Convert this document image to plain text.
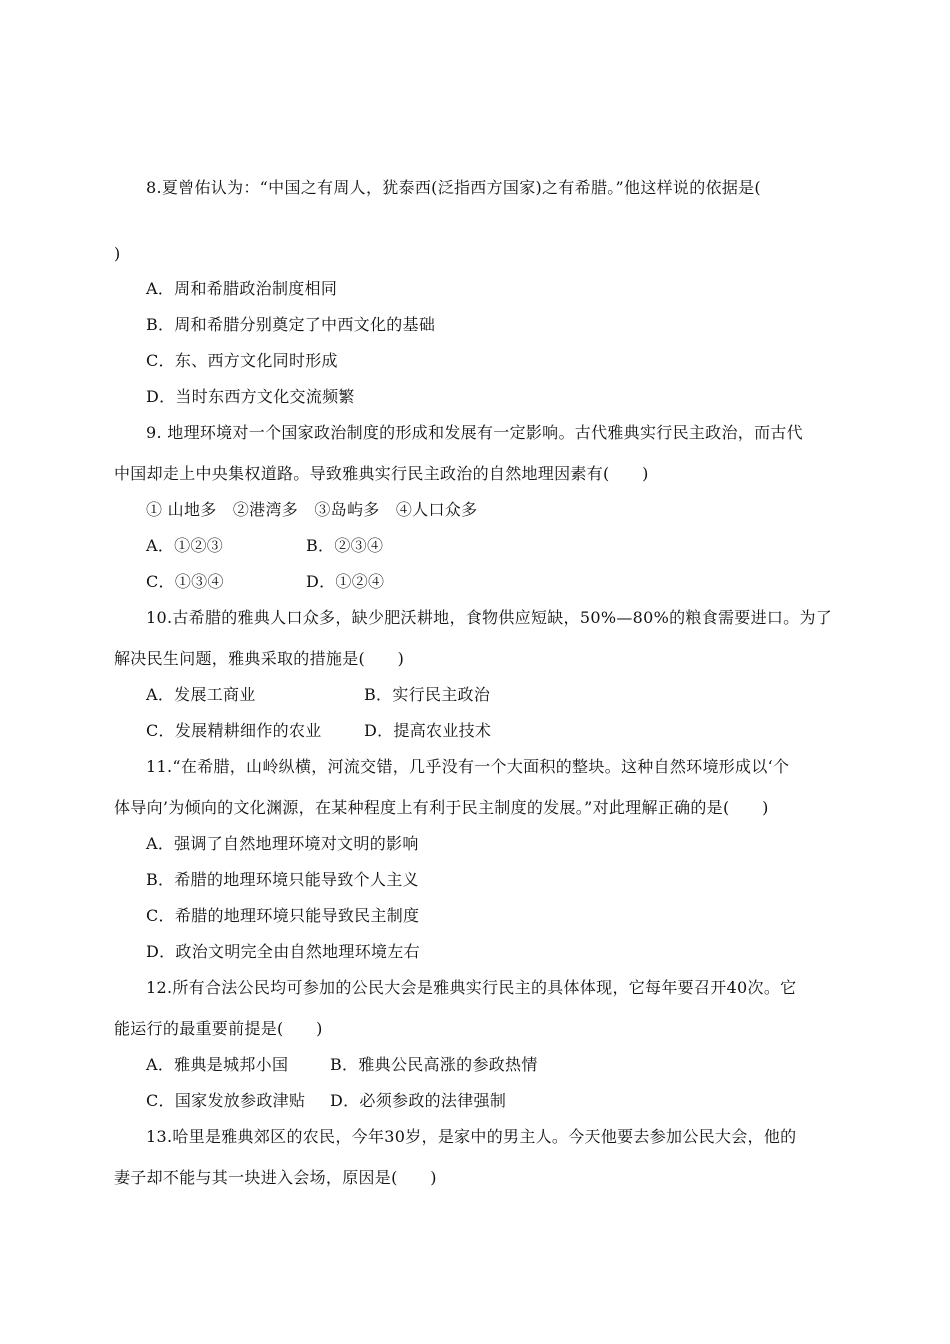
8.夏曾佑认为：“中国之有周人，犹泰西(泛指西方国家)之有希腊。”他这样说的依据是(
)
A．周和希腊政治制度相同
B．周和希腊分别奠定了中西文化的基础
C．东、西方文化同时形成
D．当时东西方文化交流频繁
9. 地理环境对一个国家政治制度的形成和发展有一定影响。古代雅典实行民主政治，而古代
中国却走上中央集权道路。导致雅典实行民主政治的自然地理因素有(　　)
① 山地多　②港湾多　③岛屿多　④人口众多
A．①②③	B．②③④
C．①③④	D．①②④
10.古希腊的雅典人口众多，缺少肥沃耕地，食物供应短缺，50%—80%的粮食需要进口。为了
解决民生问题，雅典采取的措施是(　　)
A．发展工商业	B．实行民主政治
C．发展精耕细作的农业	D．提高农业技术
11.“在希腊，山岭纵横，河流交错，几乎没有一个大面积的整块。这种自然环境形成以‘个
体导向’为倾向的文化渊源，在某种程度上有利于民主制度的发展。”对此理解正确的是(　　)
A．强调了自然地理环境对文明的影响
B．希腊的地理环境只能导致个人主义
C．希腊的地理环境只能导致民主制度
D．政治文明完全由自然地理环境左右
12.所有合法公民均可参加的公民大会是雅典实行民主的具体体现，它每年要召开40次。它
能运行的最重要前提是(　　)
A．雅典是城邦小国	B．雅典公民高涨的参政热情
C．国家发放参政津贴 D．必须参政的法律强制
13.哈里是雅典郊区的农民，今年30岁，是家中的男主人。今天他要去参加公民大会，他的
妻子却不能与其一块进入会场，原因是(　　)
